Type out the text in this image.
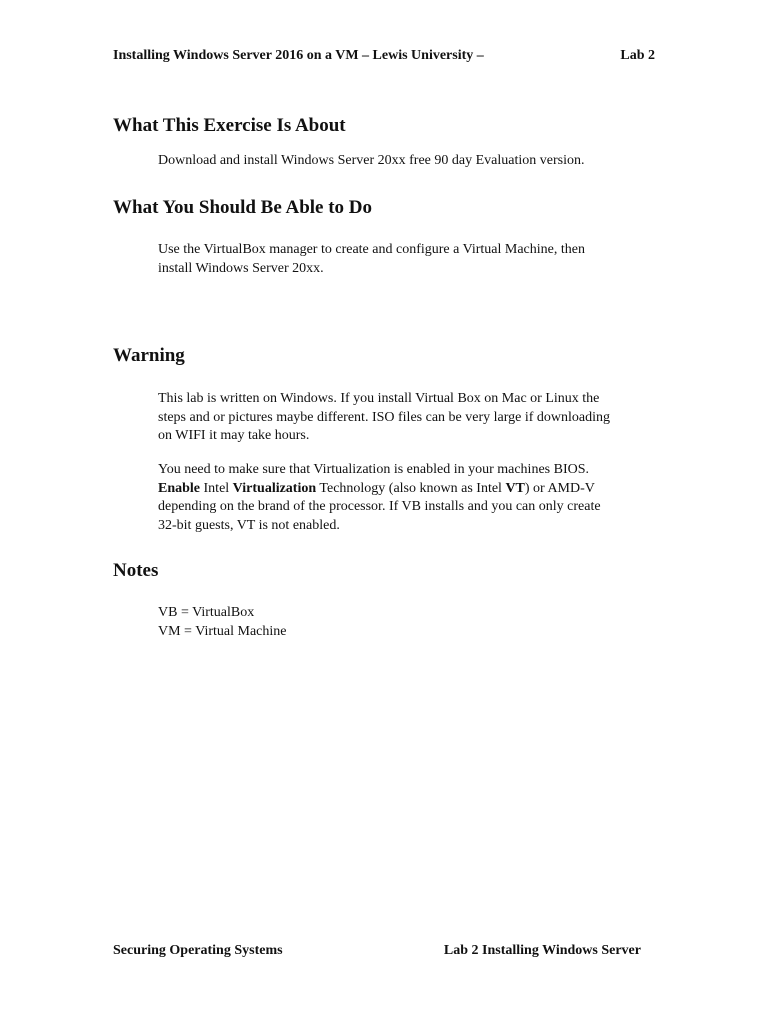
Installing Windows Server 2016 on a VM – Lewis University –	Lab 2
What This Exercise Is About

Download and install Windows Server 20xx free 90 day Evaluation version.

What You Should Be Able to Do
Use the VirtualBox manager to create and configure a Virtual Machine, then
install Windows Server 20xx.
Warning
This lab is written on Windows. If you install Virtual Box on Mac or Linux the
steps and or pictures maybe different. ISO files can be very large if downloading
on WIFI it may take hours.
You need to make sure that Virtualization is enabled in your machines BIOS.
Enable Intel Virtualization Technology (also known as Intel VT) or AMD-V
depending on the brand of the processor. If VB installs and you can only create
32-bit guests, VT is not enabled.
Notes
VB = VirtualBox
VM = Virtual Machine
Securing Operating Systems	Lab 2 Installing Windows Server
